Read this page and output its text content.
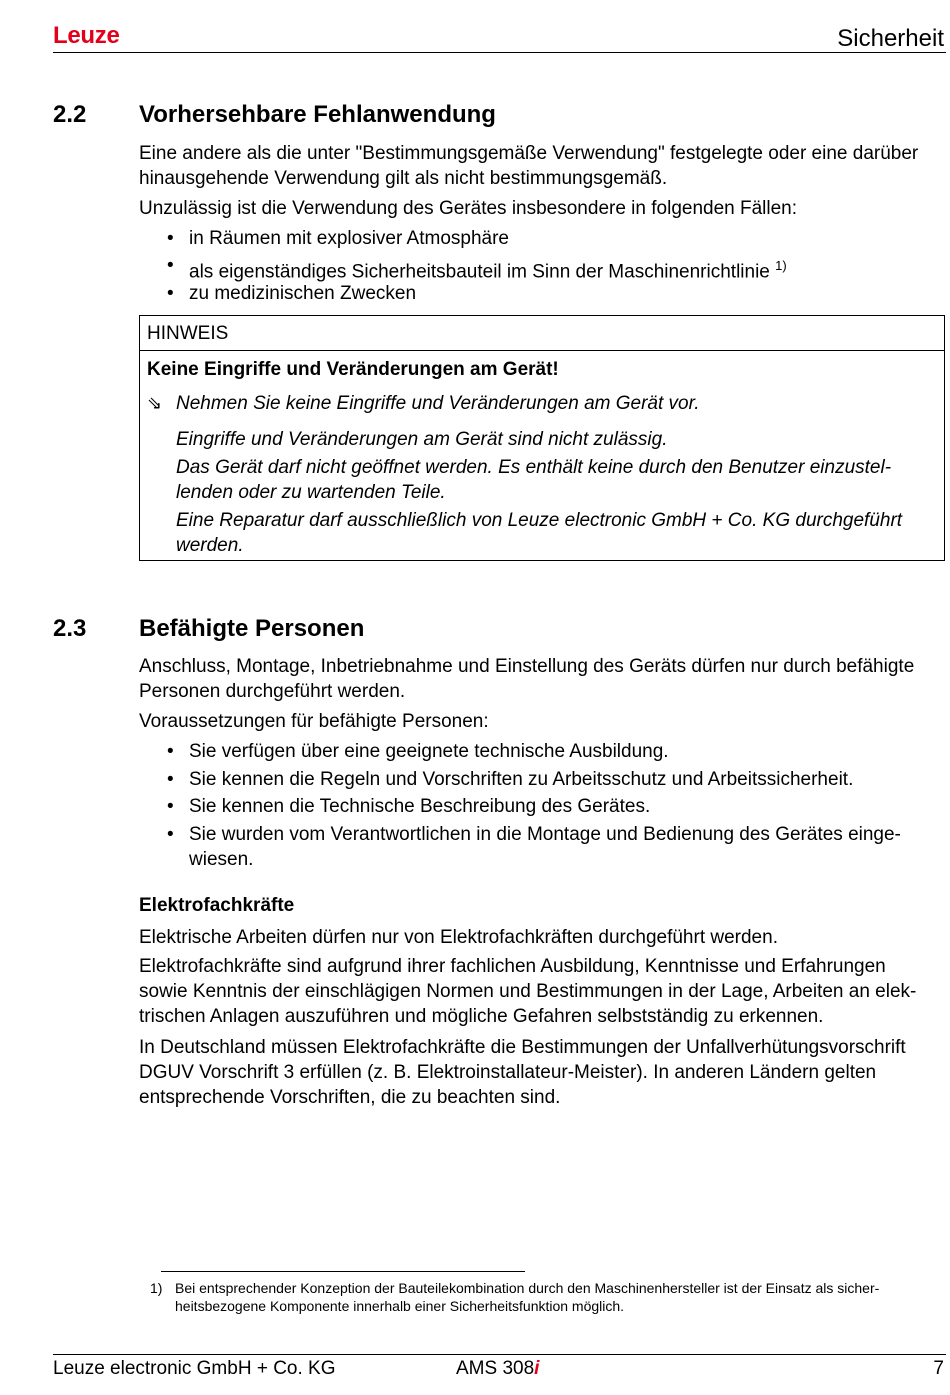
Leuze	Sicherheit
2.2 Vorhersehbare Fehlanwendung
Eine andere als die unter "Bestimmungsgemäße Verwendung" festgelegte oder eine darüber
hinausgehende Verwendung gilt als nicht bestimmungsgemäß.
Unzulässig ist die Verwendung des Gerätes insbesondere in folgenden Fällen:
• in Räumen mit explosiver Atmosphäre
• als eigenständiges Sicherheitsbauteil im Sinn der Maschinenrichtlinie $^{1)}$
• zu medizinischen Zwecken
HINWEIS
Keine Eingriffe und Veränderungen am Gerät!
⇘ Nehmen Sie keine Eingriffe und Veränderungen am Gerät vor.
Eingriffe und Veränderungen am Gerät sind nicht zulässig.
Das Gerät darf nicht geöffnet werden. Es enthält keine durch den Benutzer einzustel-
lenden oder zu wartenden Teile.
Eine Reparatur darf ausschließlich von Leuze electronic GmbH + Co. KG durchgeführt
werden.
2.3 Befähigte Personen
Anschluss, Montage, Inbetriebnahme und Einstellung des Geräts dürfen nur durch befähigte
Personen durchgeführt werden.
Voraussetzungen für befähigte Personen:
• Sie verfügen über eine geeignete technische Ausbildung.
• Sie kennen die Regeln und Vorschriften zu Arbeitsschutz und Arbeitssicherheit.
• Sie kennen die Technische Beschreibung des Gerätes.
• Sie wurden vom Verantwortlichen in die Montage und Bedienung des Gerätes einge-
wiesen.
Elektrofachkräfte
Elektrische Arbeiten dürfen nur von Elektrofachkräften durchgeführt werden.
Elektrofachkräfte sind aufgrund ihrer fachlichen Ausbildung, Kenntnisse und Erfahrungen
sowie Kenntnis der einschlägigen Normen und Bestimmungen in der Lage, Arbeiten an elek-
trischen Anlagen auszuführen und mögliche Gefahren selbstständig zu erkennen.
In Deutschland müssen Elektrofachkräfte die Bestimmungen der Unfallverhütungsvorschrift
DGUV Vorschrift 3 erfüllen (z. B. Elektroinstallateur-Meister). In anderen Ländern gelten
entsprechende Vorschriften, die zu beachten sind.
1) Bei entsprechender Konzeption der Bauteilekombination durch den Maschinenhersteller ist der Einsatz als sicher-
heitsbezogene Komponente innerhalb einer Sicherheitsfunktion möglich.
Leuze electronic GmbH + Co. KG	AMS 308i	7
